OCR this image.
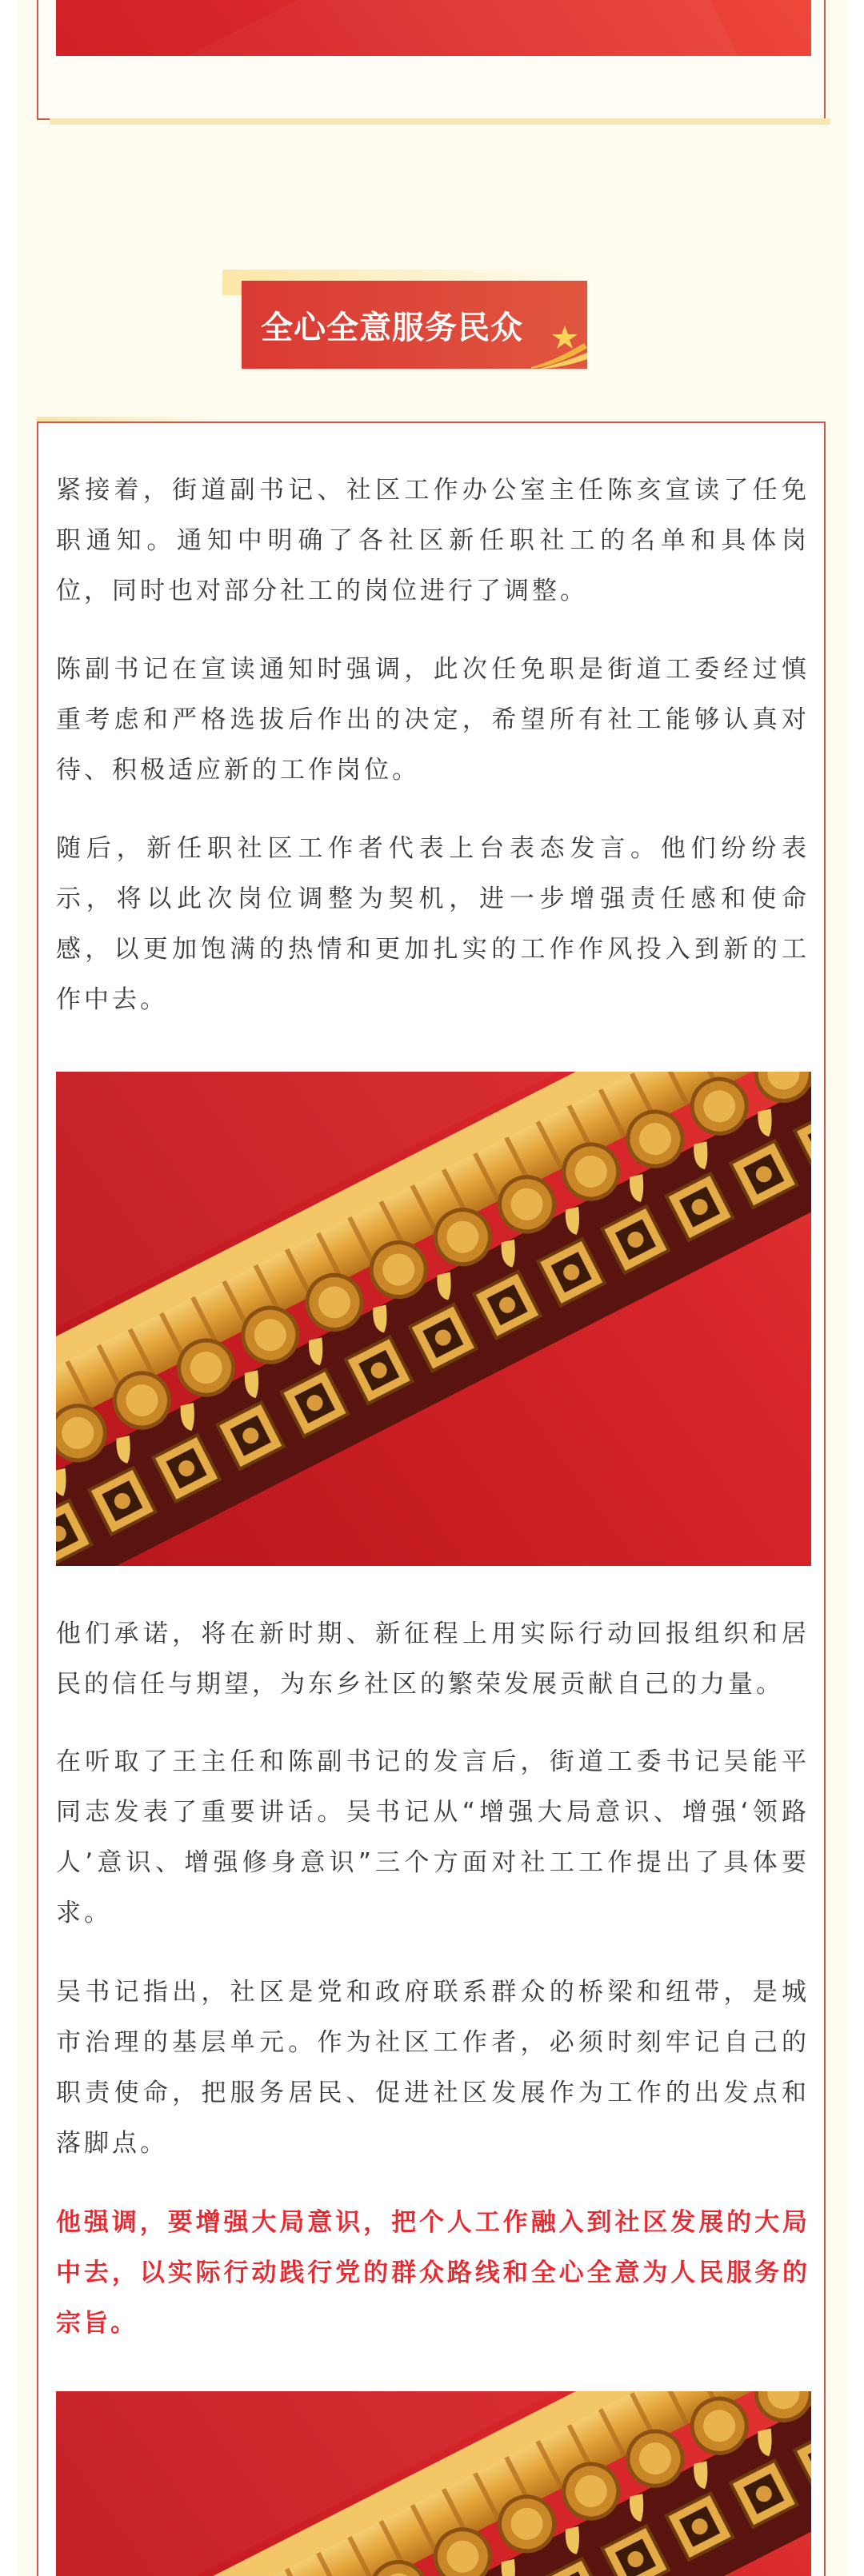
全心全意服务民众

紧接着，街道副书记、社区工作办公室主任陈亥宣读了任免职通知。通知中明确了各社区新任职社工的名单和具体岗位，同时也对部分社工的岗位进行了调整。

陈副书记在宣读通知时强调，此次任免职是街道工委经过慎重考虑和严格选拔后作出的决定，希望所有社工能够认真对待、积极适应新的工作岗位。

随后，新任职社区工作者代表上台表态发言。他们纷纷表示，将以此次岗位调整为契机，进一步增强责任感和使命感，以更加饱满的热情和更加扎实的工作作风投入到新的工作中去。

他们承诺，将在新时期、新征程上用实际行动回报组织和居民的信任与期望，为东乡社区的繁荣发展贡献自己的力量。

在听取了王主任和陈副书记的发言后，街道工委书记吴能平同志发表了重要讲话。吴书记从“增强大局意识、增强‘领路人’意识、增强修身意识”三个方面对社工工作提出了具体要求。

吴书记指出，社区是党和政府联系群众的桥梁和纽带，是城市治理的基层单元。作为社区工作者，必须时刻牢记自己的职责使命，把服务居民、促进社区发展作为工作的出发点和落脚点。

他强调，要增强大局意识，把个人工作融入到社区发展的大局中去，以实际行动践行党的群众路线和全心全意为人民服务的宗旨。
